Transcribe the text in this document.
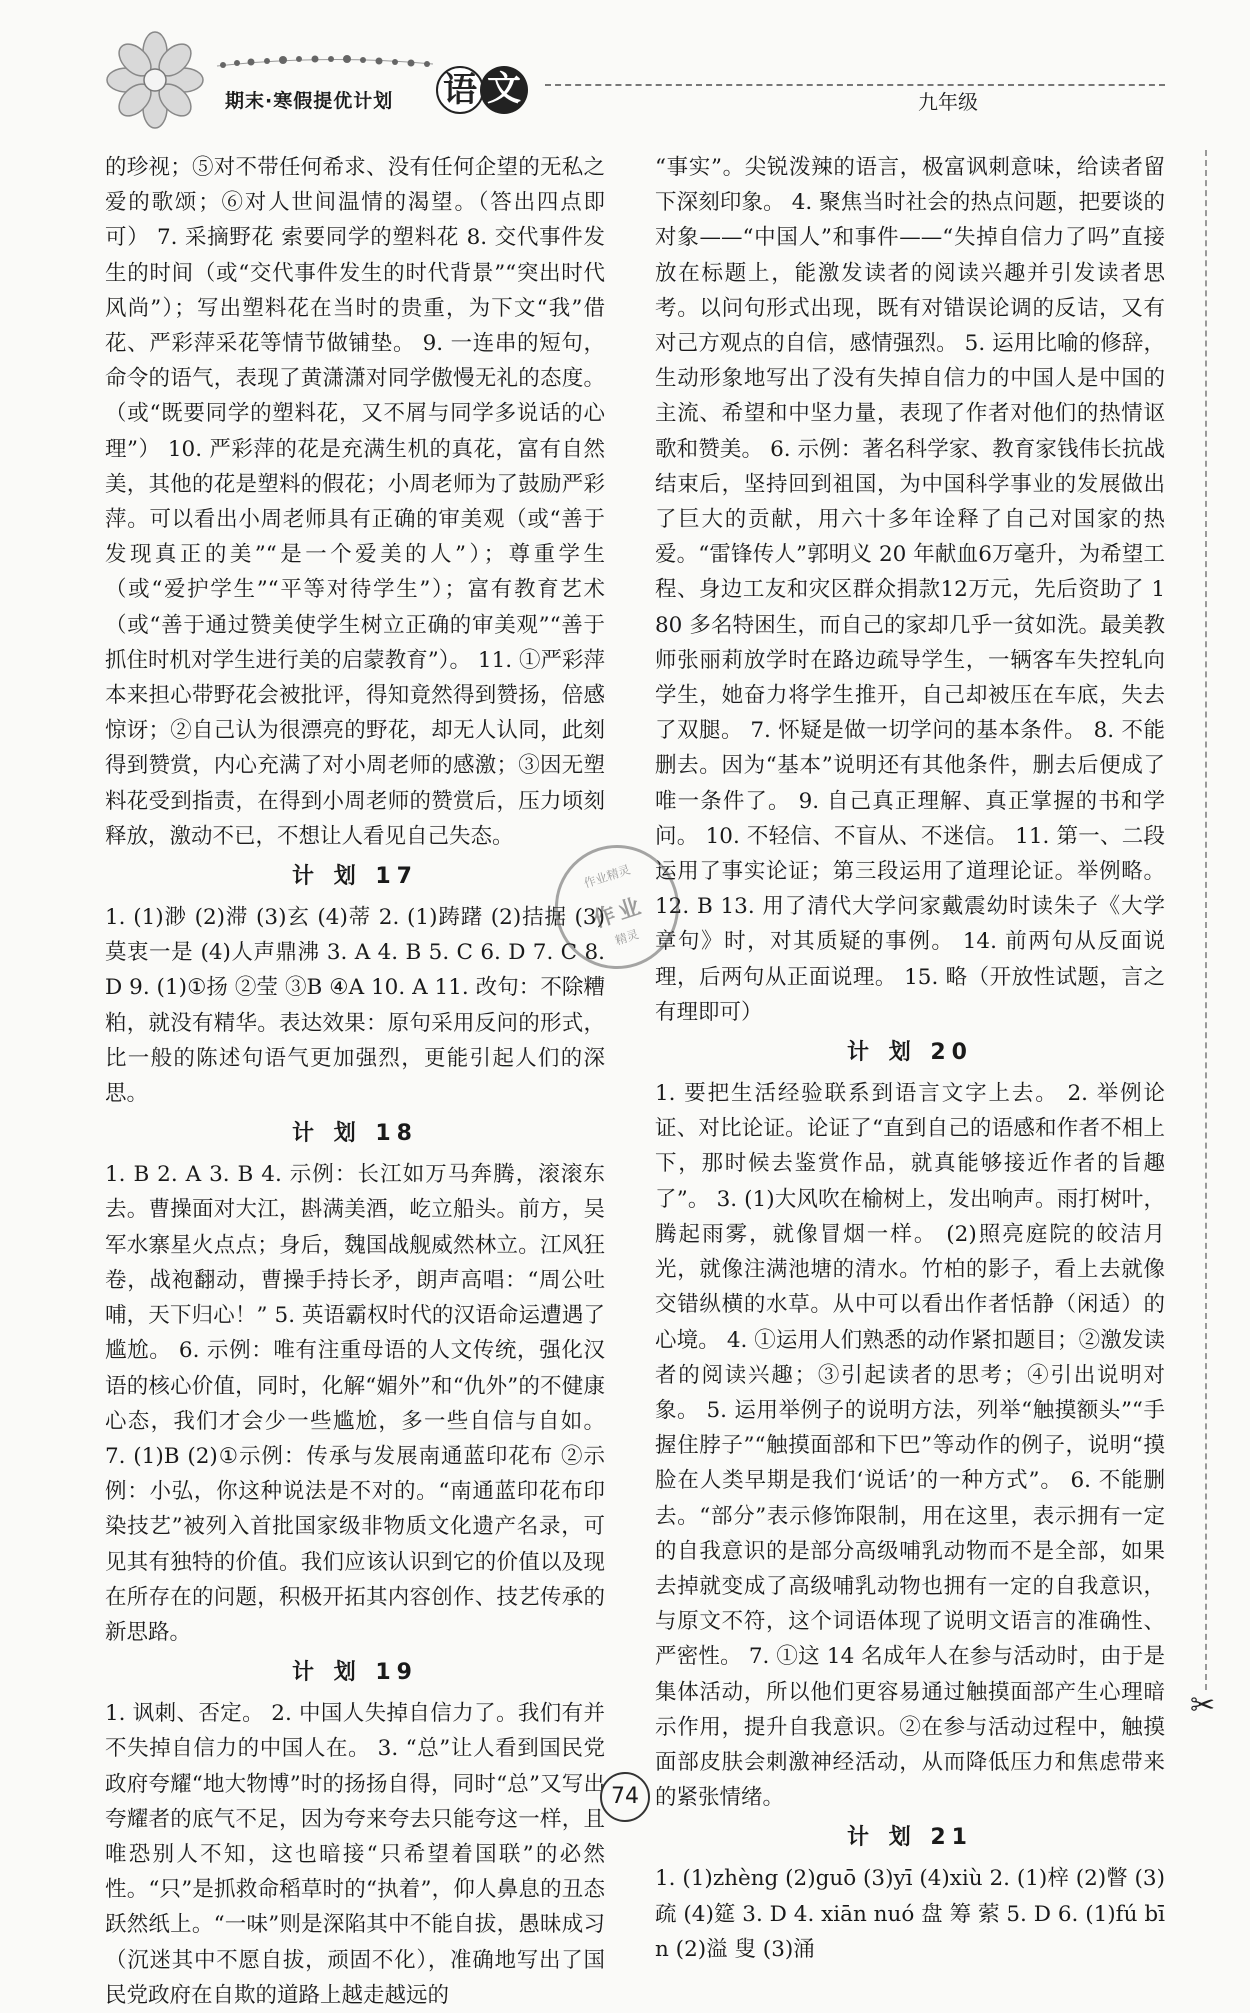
期末·寒假提优计划 语 文	九年级

的珍视；⑤对不带任何希求、没有任何企望的无私之爱的歌颂；⑥对人世间温情的渴望。（答出四点即可） 7. 采摘野花 索要同学的塑料花 8. 交代事件发生的时间（或“交代事件发生的时代背景”“突出时代风尚”）；写出塑料花在当时的贵重，为下文“我”借花、严彩萍采花等情节做铺垫。 9. 一连串的短句，命令的语气，表现了黄潇潇对同学傲慢无礼的态度。（或“既要同学的塑料花，又不屑与同学多说话的心理”） 10. 严彩萍的花是充满生机的真花，富有自然美，其他的花是塑料的假花；小周老师为了鼓励严彩萍。可以看出小周老师具有正确的审美观（或“善于发现真正的美”“是一个爱美的人”）；尊重学生（或“爱护学生”“平等对待学生”）；富有教育艺术（或“善于通过赞美使学生树立正确的审美观”“善于抓住时机对学生进行美的启蒙教育”）。 11. ①严彩萍本来担心带野花会被批评，得知竟然得到赞扬，倍感惊讶；②自己认为很漂亮的野花，却无人认同，此刻得到赞赏，内心充满了对小周老师的感激；③因无塑料花受到指责，在得到小周老师的赞赏后，压力顷刻释放，激动不已，不想让人看见自己失态。

计 划 17

1. (1)渺 (2)滞 (3)玄 (4)蒂 2. (1)踌躇 (2)拮据 (3)莫衷一是 (4)人声鼎沸 3. A 4. B 5. C 6. D 7. C 8. D 9. (1)①扬 ②莹 ③B ④A 10. A 11. 改句：不除糟粕，就没有精华。表达效果：原句采用反问的形式，比一般的陈述句语气更加强烈，更能引起人们的深思。

计 划 18

1. B 2. A 3. B 4. 示例：长江如万马奔腾，滚滚东去。曹操面对大江，斟满美酒，屹立船头。前方，吴军水寨星火点点；身后，魏国战舰威然林立。江风狂卷，战袍翻动，曹操手持长矛，朗声高唱：“周公吐哺，天下归心！” 5. 英语霸权时代的汉语命运遭遇了尴尬。 6. 示例：唯有注重母语的人文传统，强化汉语的核心价值，同时，化解“媚外”和“仇外”的不健康心态，我们才会少一些尴尬，多一些自信与自如。 7. (1)B (2)①示例：传承与发展南通蓝印花布 ②示例：小弘，你这种说法是不对的。“南通蓝印花布印染技艺”被列入首批国家级非物质文化遗产名录，可见其有独特的价值。我们应该认识到它的价值以及现在所存在的问题，积极开拓其内容创作、技艺传承的新思路。

计 划 19

1. 讽刺、否定。 2. 中国人失掉自信力了。我们有并不失掉自信力的中国人在。 3. “总”让人看到国民党政府夸耀“地大物博”时的扬扬自得，同时“总”又写出夸耀者的底气不足，因为夸来夸去只能夸这一样，且唯恐别人不知，这也暗接“只希望着国联”的必然性。“只”是抓救命稻草时的“执着”，仰人鼻息的丑态跃然纸上。“一味”则是深陷其中不能自拔，愚昧成习（沉迷其中不愿自拔，顽固不化），准确地写出了国民党政府在自欺的道路上越走越远的

“事实”。尖锐泼辣的语言，极富讽刺意味，给读者留下深刻印象。 4. 聚焦当时社会的热点问题，把要谈的对象——“中国人”和事件——“失掉自信力了吗”直接放在标题上，能激发读者的阅读兴趣并引发读者思考。以问句形式出现，既有对错误论调的反诘，又有对己方观点的自信，感情强烈。 5. 运用比喻的修辞，生动形象地写出了没有失掉自信力的中国人是中国的主流、希望和中坚力量，表现了作者对他们的热情讴歌和赞美。 6. 示例：著名科学家、教育家钱伟长抗战结束后，坚持回到祖国，为中国科学事业的发展做出了巨大的贡献，用六十多年诠释了自己对国家的热爱。“雷锋传人”郭明义 20 年献血6万毫升，为希望工程、身边工友和灾区群众捐款12万元，先后资助了 180 多名特困生，而自己的家却几乎一贫如洗。最美教师张丽莉放学时在路边疏导学生，一辆客车失控轧向学生，她奋力将学生推开，自己却被压在车底，失去了双腿。 7. 怀疑是做一切学问的基本条件。 8. 不能删去。因为“基本”说明还有其他条件，删去后便成了唯一条件了。 9. 自己真正理解、真正掌握的书和学问。 10. 不轻信、不盲从、不迷信。 11. 第一、二段运用了事实论证；第三段运用了道理论证。举例略。 12. B 13. 用了清代大学问家戴震幼时读朱子《大学章句》时，对其质疑的事例。 14. 前两句从反面说理，后两句从正面说理。 15. 略（开放性试题，言之有理即可）

计 划 20

1. 要把生活经验联系到语言文字上去。 2. 举例论证、对比论证。论证了“直到自己的语感和作者不相上下，那时候去鉴赏作品，就真能够接近作者的旨趣了”。 3. (1)大风吹在榆树上，发出响声。雨打树叶，腾起雨雾，就像冒烟一样。 (2)照亮庭院的皎洁月光，就像注满池塘的清水。竹柏的影子，看上去就像交错纵横的水草。从中可以看出作者恬静（闲适）的心境。 4. ①运用人们熟悉的动作紧扣题目；②激发读者的阅读兴趣；③引起读者的思考；④引出说明对象。 5. 运用举例子的说明方法，列举“触摸额头”“手握住脖子”“触摸面部和下巴”等动作的例子，说明“摸脸在人类早期是我们‘说话’的一种方式”。 6. 不能删去。“部分”表示修饰限制，用在这里，表示拥有一定的自我意识的是部分高级哺乳动物而不是全部，如果去掉就变成了高级哺乳动物也拥有一定的自我意识，与原文不符，这个词语体现了说明文语言的准确性、严密性。 7. ①这 14 名成年人在参与活动时，由于是集体活动，所以他们更容易通过触摸面部产生心理暗示作用，提升自我意识。②在参与活动过程中，触摸面部皮肤会刺激神经活动，从而降低压力和焦虑带来的紧张情绪。

计 划 21

1. (1)zhèng (2)guō (3)yī (4)xiù 2. (1)梓 (2)瞥 (3)疏 (4)筵 3. D 4. xiān nuó 盘 筹 萦 5. D 6. (1)fú bīn (2)溢 叟 (3)涌

作业精灵
作业
精灵
74
✂
